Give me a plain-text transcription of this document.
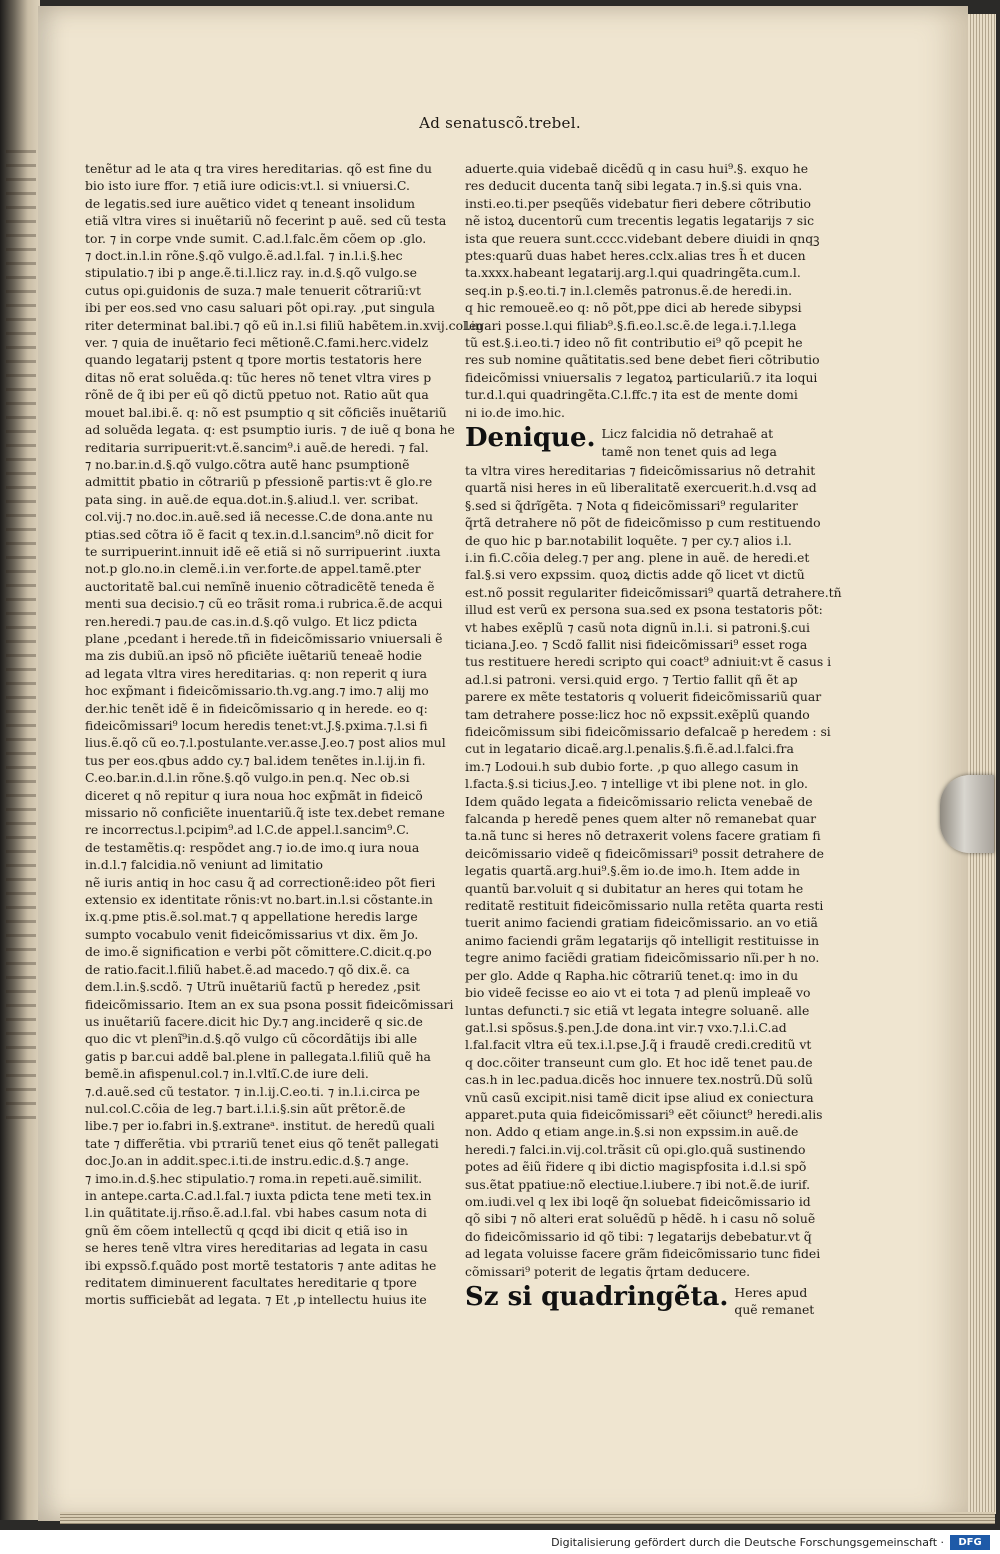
Ad senatuscõ.trebel.

tenẽtur ad le ata q tra vires hereditarias. qõ est fine du

bio isto iure ffor. ⁊ etiã iure odicis:vt.l. si vniuersi.C.

de legatis.sed iure auẽtico videt q teneant insolidum

etiã vltra vires si inuẽtariũ nõ fecerint p auẽ. sed cũ testa

tor. ⁊ in corpe vnde sumit. C.ad.l.falc.ẽm cõem op .glo.

⁊ doct.in.l.in rõne.§.qõ vulgo.ẽ.ad.l.fal. ⁊ in.l.i.§.hec

stipulatio.⁊ ibi p ange.ẽ.ti.l.licz ray. in.d.§.qõ vulgo.se

cutus opi.guidonis de suza.⁊ male tenuerit cõtrariũ:vt

ibi per eos.sed vno casu saluari põt opi.ray. ,put singula

riter determinat bal.ibi.⁊ qõ eũ in.l.si filiũ habẽtem.in.xvij.col.in

ver. ⁊ quia de inuẽtario feci mẽtionẽ.C.fami.herc.videlz

quando legatarij pstent q tpore mortis testatoris here

ditas nõ erat soluẽda.q: tũc heres nõ tenet vltra vires p

rõnẽ de q̃ ibi per eũ qõ dictũ ppetuo not. Ratio aũt qua

mouet bal.ibi.ẽ. q: nõ est psumptio q sit cõficiẽs inuẽtariũ

ad soluẽda legata. q: est psumptio iuris. ⁊ de iuẽ q bona he

reditaria surripuerit:vt.ẽ.sancim⁹.i auẽ.de heredi. ⁊ fal.

⁊ no.bar.in.d.§.qõ vulgo.cõtra autẽ hanc psumptionẽ

admittit pbatio in cõtrariũ p pfessionẽ partis:vt ẽ glo.re

pata sing. in auẽ.de equa.dot.in.§.aliud.l. ver. scribat.

col.vij.⁊ no.doc.in.auẽ.sed iã necesse.C.de dona.ante nu

ptias.sed cõtra iõ ẽ facit q tex.in.d.l.sancim⁹.nõ dicit for

te surripuerint.innuit idẽ eẽ etiã si nõ surripuerint .iuxta

not.p glo.no.in clemẽ.i.in ver.forte.de appel.tamẽ.pter

auctoritatẽ bal.cui nemĩnẽ inuenio cõtradicẽtẽ teneda ẽ

menti sua decisio.⁊ cũ eo trãsit roma.i rubrica.ẽ.de acqui

ren.heredi.⁊ pau.de cas.in.d.§.qõ vulgo. Et licz pdicta

plane ,pcedant i herede.tñ in fideicõmissario vniuersali ẽ

ma zis dubiũ.an ipsõ nõ pficiẽte iuẽtariũ teneaẽ hodie

ad legata vltra vires hereditarias. q: non reperit q iura

hoc exp̃mant i fideicõmissario.th.vg.ang.⁊ imo.⁊ alij mo

der.hic tenẽt idẽ ẽ in fideicõmissario q in herede. eo q:

fideicõmissari⁹ locum heredis tenet:vt.J.§.pxima.⁊.l.si fi

lius.ẽ.qõ cũ eo.⁊.l.postulante.ver.asse.J.eo.⁊ post alios mul

tus per eos.qbus addo cy.⁊ bal.idem tenẽtes in.l.ij.in fi.

C.eo.bar.in.d.l.in rõne.§.qõ vulgo.in pen.q. Nec ob.si

diceret q nõ repitur q iura noua hoc exp̃mãt in fideicõ

missario nõ conficiẽte inuentariũ.q̃ iste tex.debet remane

re incorrectus.l.pcipim⁹.ad l.C.de appel.l.sancim⁹.C.

de testamẽtis.q: respõdet ang.⁊ io.de imo.q iura noua

in.d.l.⁊ falcidia.nõ veniunt ad limitatio

nẽ iuris antiq in hoc casu q̃ ad correctionẽ:ideo põt fieri

extensio ex identitate rõnis:vt no.bart.in.l.si cõstante.in

ix.q.pme ptis.ẽ.sol.mat.⁊ q appellatione heredis large

sumpto vocabulo venit fideicõmissarius vt dix. ẽm Jo.

de imo.ẽ signification e verbi põt cõmittere.C.dicit.q.po

de ratio.facit.l.filiũ habet.ẽ.ad macedo.⁊ qõ dix.ẽ. ca

dem.l.in.§.scdõ. ⁊ Utrũ inuẽtariũ factũ p heredez ,psit

fideicõmissario. Item an ex sua psona possit fideicõmissari

us inuẽtariũ facere.dicit hic Dy.⁊ ang.inciderẽ q sic.de

quo dic vt plenĩ⁹in.d.§.qõ vulgo cũ cõcordãtijs ibi alle

gatis p bar.cui addẽ bal.plene in pallegata.l.filiũ quẽ ha

bemẽ.in afispenul.col.⁊ in.l.vltĩ.C.de iure deli.

⁊.d.auẽ.sed cũ testator. ⁊ in.l.ij.C.eo.ti. ⁊ in.l.i.circa pe

nul.col.C.cõia de leg.⁊ bart.i.l.i.§.sin aũt prẽtor.ẽ.de

libe.⁊ per io.fabri in.§.extraneᵃ. institut. de heredũ quali

tate ⁊ differẽtia. vbi pτrariũ tenet eius qõ tenẽt pallegati

doc.Jo.an in addit.spec.i.ti.de instru.edic.d.§.⁊ ange.

⁊ imo.in.d.§.hec stipulatio.⁊ roma.in repeti.auẽ.similit.

in antepe.carta.C.ad.l.fal.⁊ iuxta pdicta tene meti tex.in

l.in quãtitate.ij.rñso.ẽ.ad.l.fal. vbi habes casum nota di

gnũ ẽm cõem intellectũ q qcqd ibi dicit q etiã iso in

se heres tenẽ vltra vires hereditarias ad legata in casu

ibi expssõ.f.quãdo post mortẽ testatoris ⁊ ante aditas he

reditatem diminuerent facultates hereditarie q tpore

mortis sufficiebãt ad legata. ⁊ Et ,p intellectu huius ite

aduerte.quia videbaẽ dicẽdũ q in casu hui⁹.§. exquo he

res deducit ducenta tanq̃ sibi legata.⁊ in.§.si quis vna.

insti.eo.ti.per pseqũẽs videbatur fieri debere cõtributio

nẽ istoꝝ ducentorũ cum trecentis legatis legatarijs ⁊ sic

ista que reuera sunt.cccc.videbant debere diuidi in qnqꝫ

ptes:quarũ duas habet heres.cclx.alias tres h̃ et ducen

ta.xxxx.habeant legatarij.arg.l.qui quadringẽta.cum.l.

seq.in p.§.eo.ti.⁊ in.l.clemẽs patronus.ẽ.de heredi.in.

q hic remoueẽ.eo q: nõ põt,ppe dici ab herede sibypsi

legari posse.l.qui filiab⁹.§.fi.eo.l.sc.ẽ.de lega.i.⁊.l.lega

tũ est.§.i.eo.ti.⁊ ideo nõ fit contributio ei⁹ qõ pcepit he

res sub nomine quãtitatis.sed bene debet fieri cõtributio

fideicõmissi vniuersalis ⁊ legatoꝝ particulariũ.⁊ ita loqui

tur.d.l.qui quadringẽta.C.l.ffc.⁊ ita est de mente domi

ni io.de imo.hic.

Denique. Licz falcidia nõ detrahaẽ at
tamẽ non tenet quis ad lega

ta vltra vires hereditarias ⁊ fideicõmissarius nõ detrahit

quartã nisi heres in eũ liberalitatẽ exercuerit.h.d.vsq ad

§.sed si q̃drĩgẽta. ⁊ Nota q fideicõmissari⁹ regulariter

q̃rtã detrahere nõ põt de fideicõmisso p cum restituendo

de quo hic p bar.notabilit loquẽte. ⁊ per cy.⁊ alios i.l.

i.in fi.C.cõia deleg.⁊ per ang. plene in auẽ. de heredi.et

fal.§.si vero expssim. quoꝝ dictis adde qõ licet vt dictũ

est.nõ possit regulariter fideicõmissari⁹ quartã detrahere.tñ

illud est verũ ex persona sua.sed ex psona testatoris põt:

vt habes exẽplũ ⁊ casũ nota dignũ in.l.i. si patroni.§.cui

ticiana.J.eo. ⁊ Scdõ fallit nisi fideicõmissari⁹ esset roga

tus restituere heredi scripto qui coact⁹ adniuit:vt ẽ casus i

ad.l.si patroni. versi.quid ergo. ⁊ Tertio fallit qñ ẽt ap

parere ex mẽte testatoris q voluerit fideicõmissariũ quar

tam detrahere posse:licz hoc nõ expssit.exẽplũ quando

fideicõmissum sibi fideicõmissario defalcaẽ p heredem : si

cut in legatario dicaẽ.arg.l.penalis.§.fi.ẽ.ad.l.falci.fra

im.⁊ Lodoui.h sub dubio forte. ,p quo allego casum in

l.facta.§.si ticius.J.eo. ⁊ intellige vt ibi plene not. in glo.

Idem quãdo legata a fideicõmissario relicta venebaẽ de

falcanda p heredẽ penes quem alter nõ remanebat quar

ta.nã tunc si heres nõ detraxerit volens facere gratiam fi

deicõmissario videẽ q fideicõmissari⁹ possit detrahere de

legatis quartã.arg.hui⁹.§.ẽm io.de imo.h. Item adde in

quantũ bar.voluit q si dubitatur an heres qui totam he

reditatẽ restituit fideicõmissario nulla retẽta quarta resti

tuerit animo faciendi gratiam fideicõmissario. an vo etiã

animo faciendi grãm legatarijs qõ intelligit restituisse in

tegre animo faciẽdi gratiam fideicõmissario nĩi.per h no.

per glo. Adde q Rapha.hic cõtrariũ tenet.q: imo in du

bio videẽ fecisse eo aio vt ei tota ⁊ ad plenũ impleaẽ vo

luntas defuncti.⁊ sic etiã vt legata integre soluanẽ. alle

gat.l.si spõsus.§.pen.J.de dona.int vir.⁊ vxo.⁊.l.i.C.ad

l.fal.facit vltra eũ tex.i.l.pse.J.q̃ i fraudẽ credi.creditũ vt

q doc.cõiter transeunt cum glo. Et hoc idẽ tenet pau.de

cas.h in lec.padua.dicẽs hoc innuere tex.nostrũ.Dũ solũ

vnũ casũ excipit.nisi tamẽ dicit ipse aliud ex coniectura

apparet.puta quia fideicõmissari⁹ eẽt cõiunct⁹ heredi.alis

non. Addo q etiam ange.in.§.si non expssim.in auẽ.de

heredi.⁊ falci.in.vij.col.trãsit cũ opi.glo.quã sustinendo

potes ad ẽiũ r̃idere q ibi dictio magispfosita i.d.l.si spõ

sus.ẽtat ppatiue:nõ electiue.l.iubere.⁊ ibi not.ẽ.de iurif.

om.iudi.vel q lex ibi loqẽ q̃n soluebat fideicõmissario id

qõ sibi ⁊ nõ alteri erat soluẽdũ p hẽdẽ. h i casu nõ soluẽ

do fideicõmissario id qõ tibi: ⁊ legatarijs debebatur.vt q̃

ad legata voluisse facere grãm fideicõmissario tunc fidei

cõmissari⁹ poterit de legatis q̃rtam deducere.

Sz si quadringẽta. Heres apud
quẽ remanet
Digitalisierung gefördert durch die Deutsche Forschungsgemeinschaft ·	DFG
